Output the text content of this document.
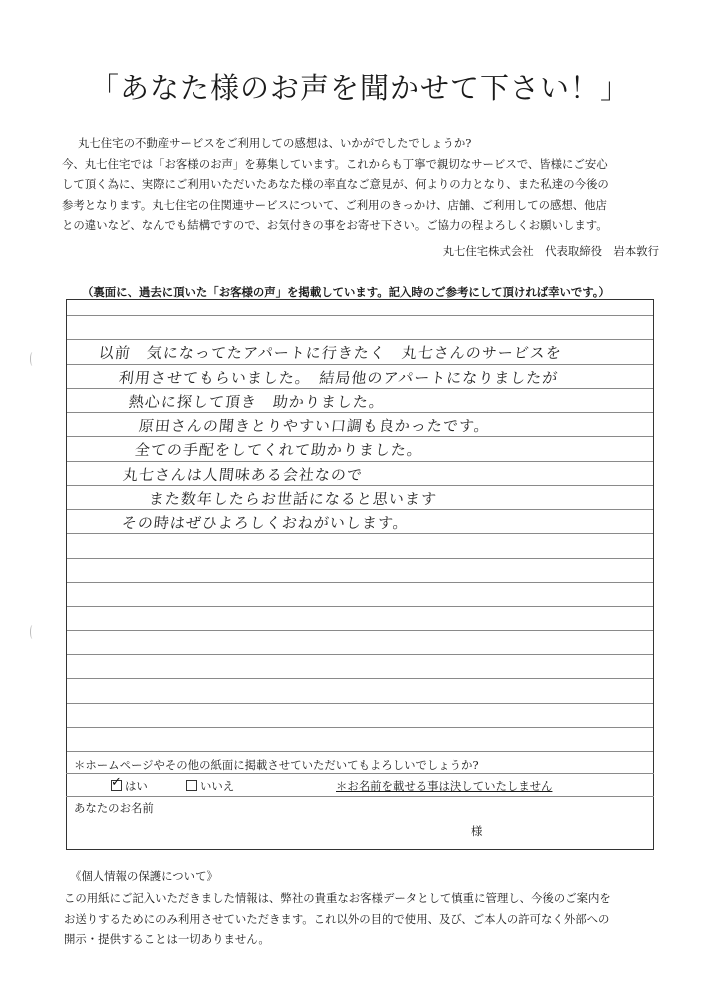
「あなた様のお声を聞かせて下さい！」

丸七住宅の不動産サービスをご利用しての感想は、いかがでしたでしょうか?

今、丸七住宅では「お客様のお声」を募集しています。これからも丁寧で親切なサービスで、皆様にご安心

して頂く為に、実際にご利用いただいたあなた様の率直なご意見が、何よりの力となり、また私達の今後の

参考となります。丸七住宅の住関連サービスについて、ご利用のきっかけ、店舗、ご利用しての感想、他店

との違いなど、なんでも結構ですので、お気付きの事をお寄せ下さい。ご協力の程よろしくお願いします。

丸七住宅株式会社　代表取締役　岩本敦行
（裏面に、過去に頂いた「お客様の声」を掲載しています。記入時のご参考にして頂ければ幸いです。）
以前　気になってたアパートに行きたく　丸七さんのサービスを
利用させてもらいました。　結局他のアパートになりましたが
熱心に探して頂き　助かりました。
原田さんの聞きとりやすい口調も良かったです。
全ての手配をしてくれて助かりました。
丸七さんは人間味ある会社なので
また数年したらお世話になると思います
その時はぜひよろしくおねがいします。
＊ホームページやその他の紙面に掲載させていただいてもよろしいでしょうか?
✓はい	いいえ	＊お名前を載せる事は決していたしません
あなたのお名前
様
《個人情報の保護について》

この用紙にご記入いただきました情報は、弊社の貴重なお客様データとして慎重に管理し、今後のご案内を

お送りするためにのみ利用させていただきます。これ以外の目的で使用、及び、ご本人の許可なく外部への

開示・提供することは一切ありません。
